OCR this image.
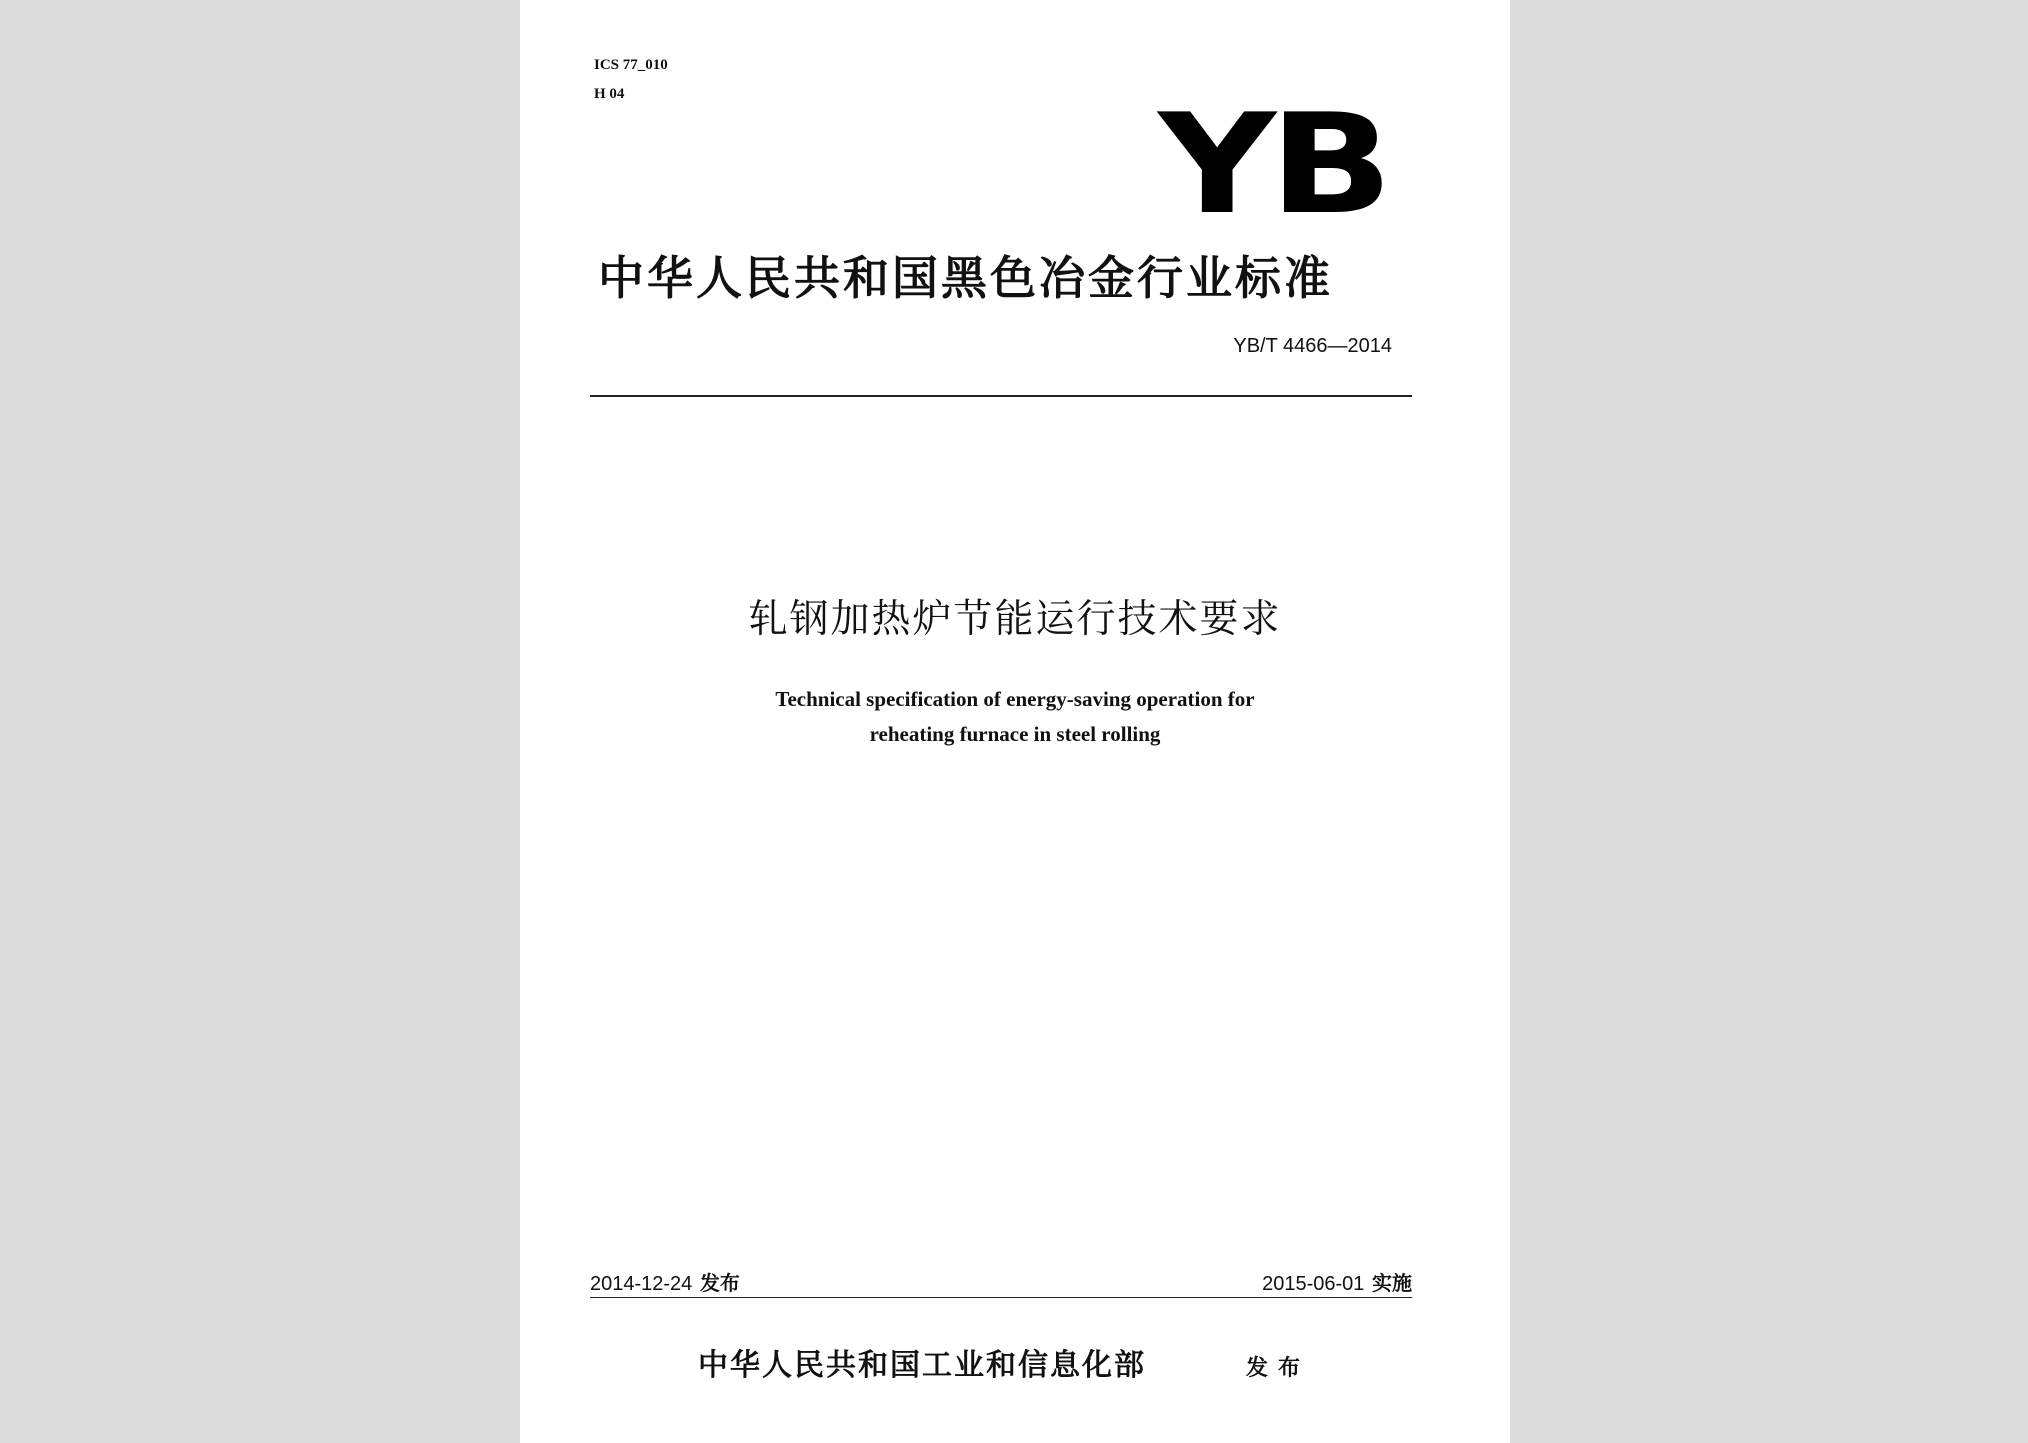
ICS 77_010
H 04	YB
中华人民共和国黑色冶金行业标准
YB/T 4466—2014
轧钢加热炉节能运行技术要求
Technical specification of energy-saving operation for
reheating furnace in steel rolling
2014-12-24 发布	2015-06-01 实施
中华人民共和国工业和信息化部	发布
